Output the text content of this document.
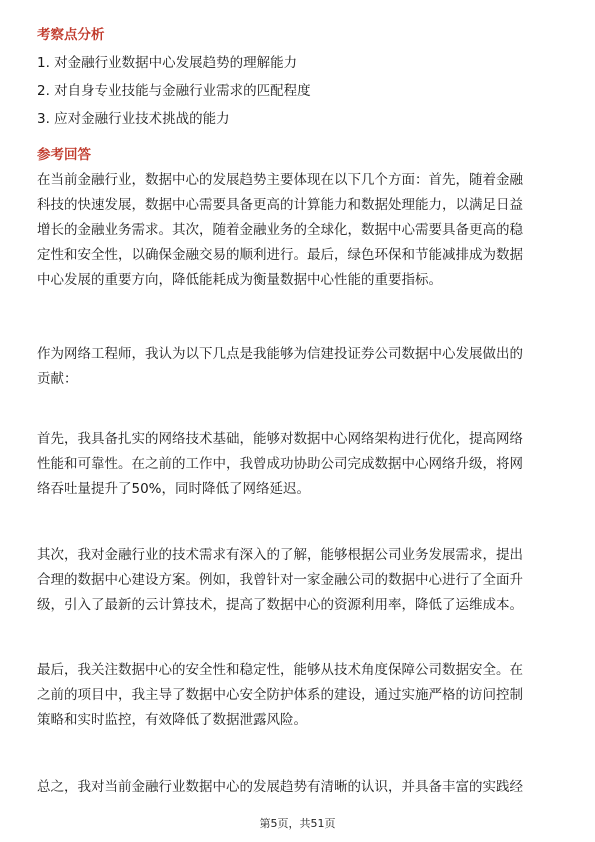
考察点分析
1. 对金融行业数据中心发展趋势的理解能力
2. 对自身专业技能与金融行业需求的匹配程度
3. 应对金融行业技术挑战的能力
参考回答
在当前金融行业，数据中心的发展趋势主要体现在以下几个方面：首先，随着金融
科技的快速发展，数据中心需要具备更高的计算能力和数据处理能力，以满足日益
增长的金融业务需求。其次，随着金融业务的全球化，数据中心需要具备更高的稳
定性和安全性，以确保金融交易的顺利进行。最后，绿色环保和节能减排成为数据
中心发展的重要方向，降低能耗成为衡量数据中心性能的重要指标。
作为网络工程师，我认为以下几点是我能够为信建投证券公司数据中心发展做出的
贡献：
首先，我具备扎实的网络技术基础，能够对数据中心网络架构进行优化，提高网络
性能和可靠性。在之前的工作中，我曾成功协助公司完成数据中心网络升级，将网
络吞吐量提升了50%，同时降低了网络延迟。
其次，我对金融行业的技术需求有深入的了解，能够根据公司业务发展需求，提出
合理的数据中心建设方案。例如，我曾针对一家金融公司的数据中心进行了全面升
级，引入了最新的云计算技术，提高了数据中心的资源利用率，降低了运维成本。
最后，我关注数据中心的安全性和稳定性，能够从技术角度保障公司数据安全。在
之前的项目中，我主导了数据中心安全防护体系的建设，通过实施严格的访问控制
策略和实时监控，有效降低了数据泄露风险。
总之，我对当前金融行业数据中心的发展趋势有清晰的认识，并具备丰富的实践经
第5页，共51页
